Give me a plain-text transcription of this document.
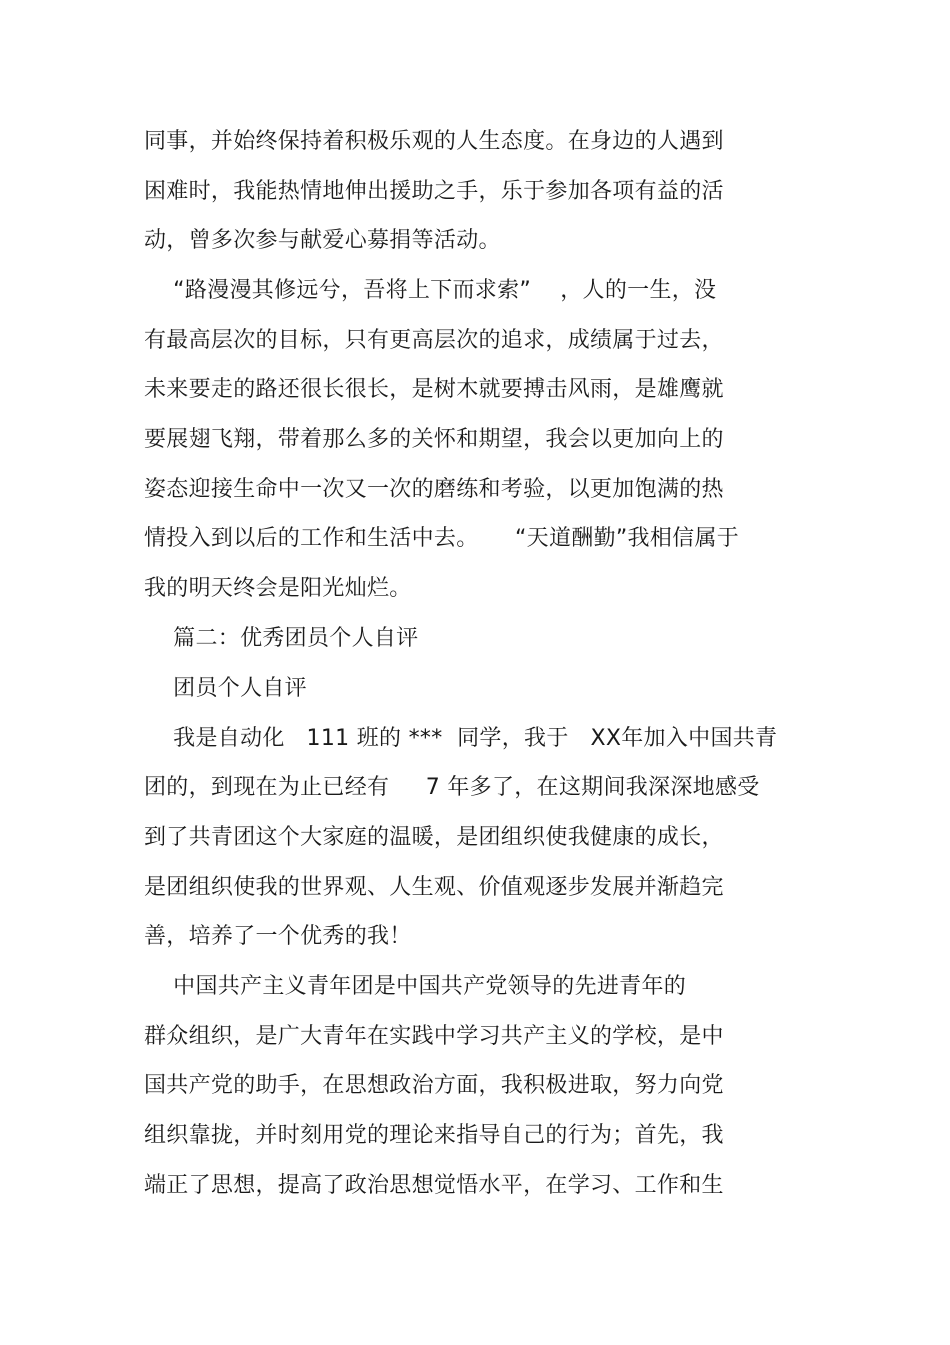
同事，并始终保持着积极乐观的人生态度。在身边的人遇到
困难时，我能热情地伸出援助之手，乐于参加各项有益的活
动，曾多次参与献爱心募捐等活动。
“路漫漫其修远兮，吾将上下而求索”    ，人的一生，没
有最高层次的目标，只有更高层次的追求，成绩属于过去，
未来要走的路还很长很长，是树木就要搏击风雨，是雄鹰就
要展翅飞翔，带着那么多的关怀和期望，我会以更加向上的
姿态迎接生命中一次又一次的磨练和考验，以更加饱满的热
情投入到以后的工作和生活中去。     “天道酬勤”我相信属于
我的明天终会是阳光灿烂。
篇二：优秀团员个人自评
团员个人自评
我是自动化   111 班的 ***  同学，我于   XX年加入中国共青
团的，到现在为止已经有     7 年多了，在这期间我深深地感受
到了共青团这个大家庭的温暖，是团组织使我健康的成长，
是团组织使我的世界观、人生观、价值观逐步发展并渐趋完
善，培养了一个优秀的我！
中国共产主义青年团是中国共产党领导的先进青年的
群众组织，是广大青年在实践中学习共产主义的学校，是中
国共产党的助手，在思想政治方面，我积极进取，努力向党
组织靠拢，并时刻用党的理论来指导自己的行为；首先，我
端正了思想，提高了政治思想觉悟水平，在学习、工作和生
